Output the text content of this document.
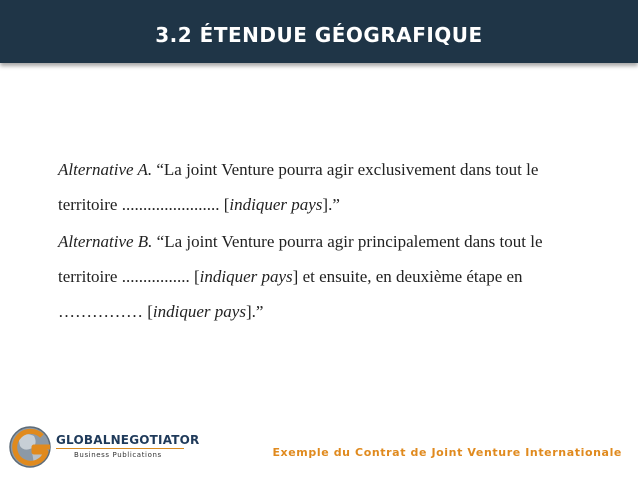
3.2 ÉTENDUE GÉOGRAFIQUE

Alternative A. “La joint Venture pourra agir exclusivement dans tout le territoire ....................... [indiquer pays].”

Alternative B. “La joint Venture pourra agir principalement dans tout le territoire ................ [indiquer pays] et ensuite, en deuxième étape en …………… [indiquer pays].”

GLOBALNEGOTIATOR
Business Publications	Exemple du Contrat de Joint Venture Internationale
